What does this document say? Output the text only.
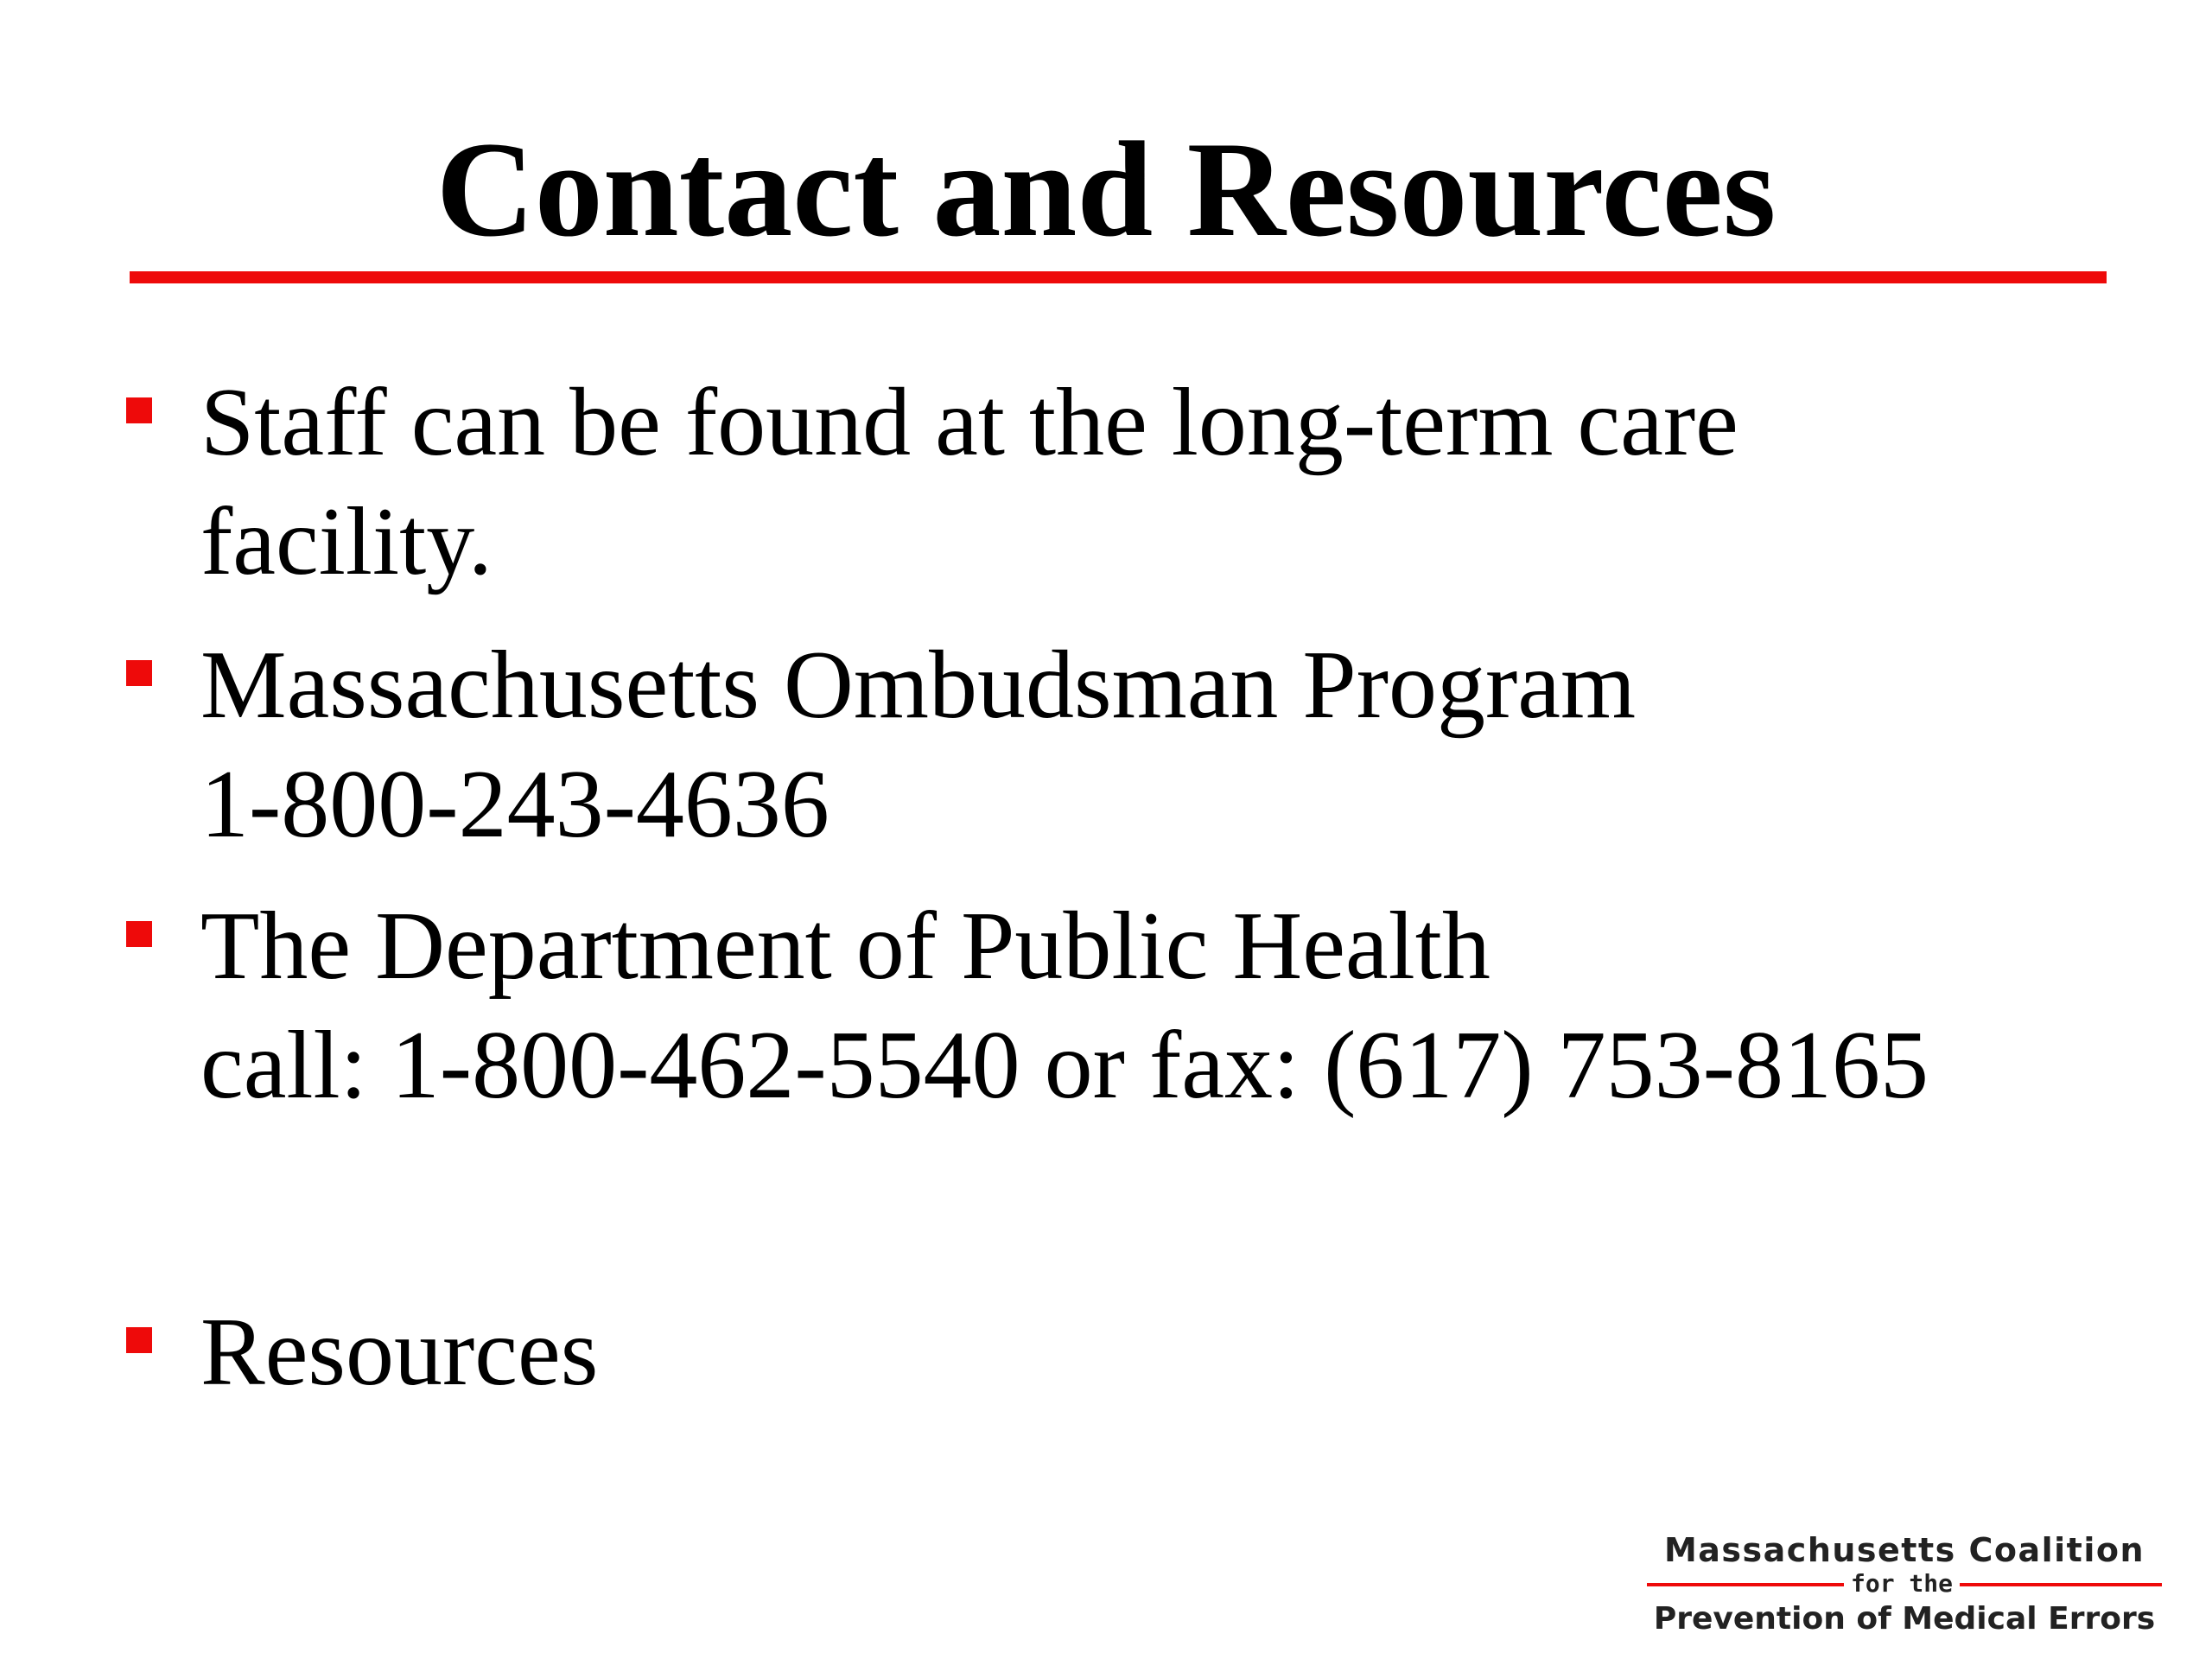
Contact and Resources
Staff can be found at the long-term care
facility.
Massachusetts Ombudsman Program
1-800-243-4636
The Department of Public Health
call: 1-800-462-5540 or fax: (617) 753-8165
Resources
Massachusetts Coalition
for the
Prevention of Medical Errors
